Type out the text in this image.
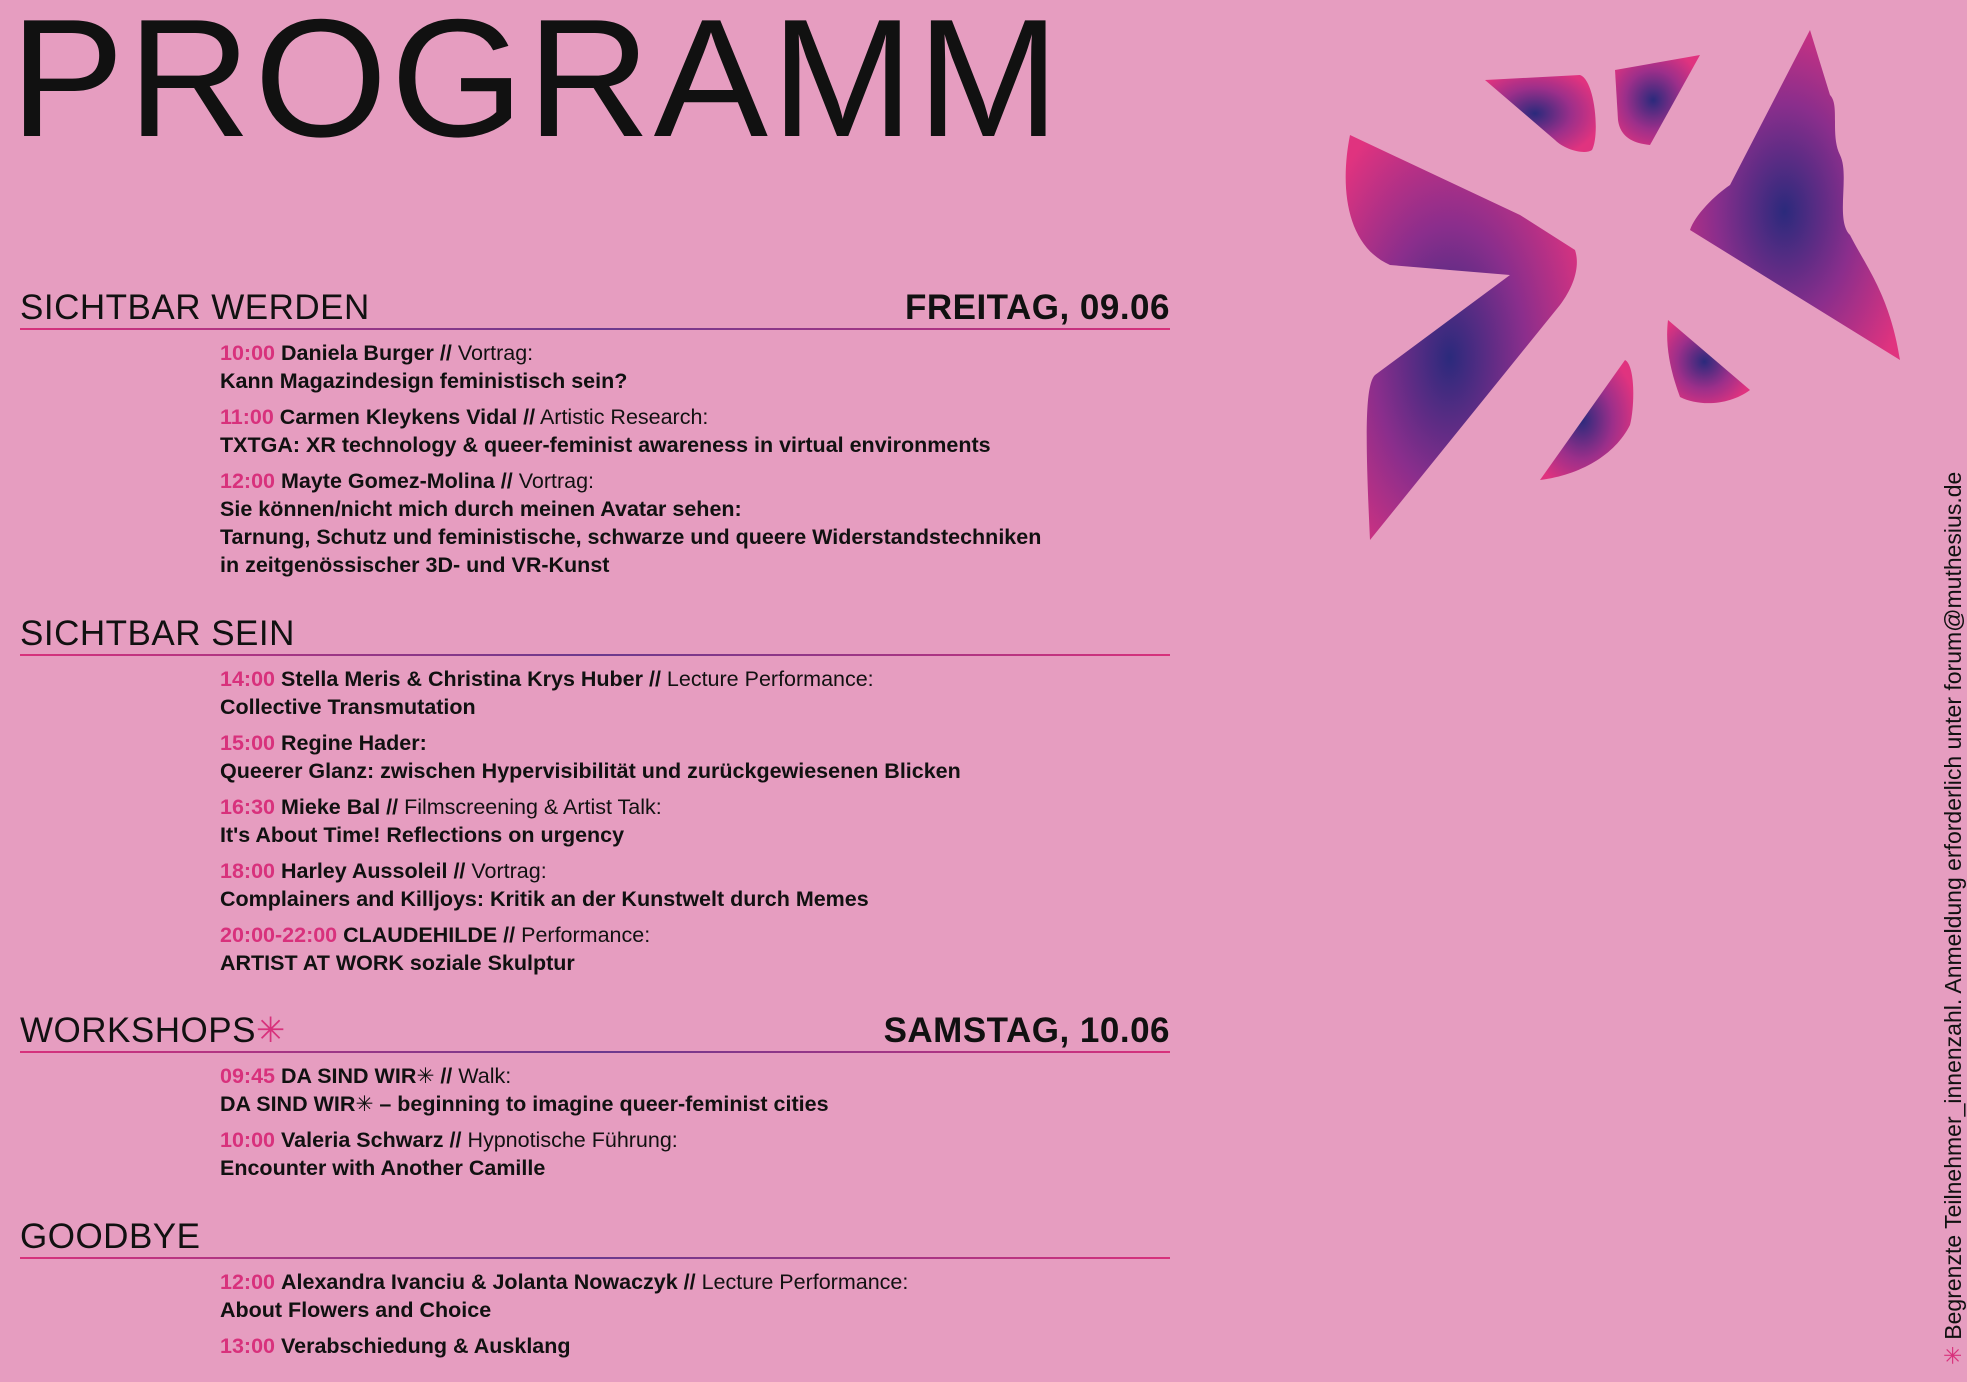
PROGRAMM
✳Begrenzte Teilnehmer_innenzahl. Anmeldung erforderlich unter forum@muthesius.de
SICHTBAR WERDEN	FREITAG, 09.06
10:00 Daniela Burger // Vortrag:
Kann Magazindesign feministisch sein?
11:00 Carmen Kleykens Vidal // Artistic Research:
TXTGA: XR technology & queer-feminist awareness in virtual environments
12:00 Mayte Gomez-Molina // Vortrag:
Sie können/nicht mich durch meinen Avatar sehen:
Tarnung, Schutz und feministische, schwarze und queere Widerstandstechniken
in zeitgenössischer 3D- und VR-Kunst
SICHTBAR SEIN
14:00 Stella Meris & Christina Krys Huber // Lecture Performance:
Collective Transmutation
15:00 Regine Hader:
Queerer Glanz: zwischen Hypervisibilität und zurückgewiesenen Blicken
16:30 Mieke Bal // Filmscreening & Artist Talk:
It's About Time! Reflections on urgency
18:00 Harley Aussoleil // Vortrag:
Complainers and Killjoys: Kritik an der Kunstwelt durch Memes
20:00-22:00 CLAUDEHILDE // Performance:
ARTIST AT WORK soziale Skulptur
WORKSHOPS✳	SAMSTAG, 10.06
09:45 DA SIND WIR✳ // Walk:
DA SIND WIR✳ – beginning to imagine queer-feminist cities
10:00 Valeria Schwarz // Hypnotische Führung:
Encounter with Another Camille
GOODBYE
12:00 Alexandra Ivanciu & Jolanta Nowaczyk // Lecture Performance:
About Flowers and Choice
13:00 Verabschiedung & Ausklang
